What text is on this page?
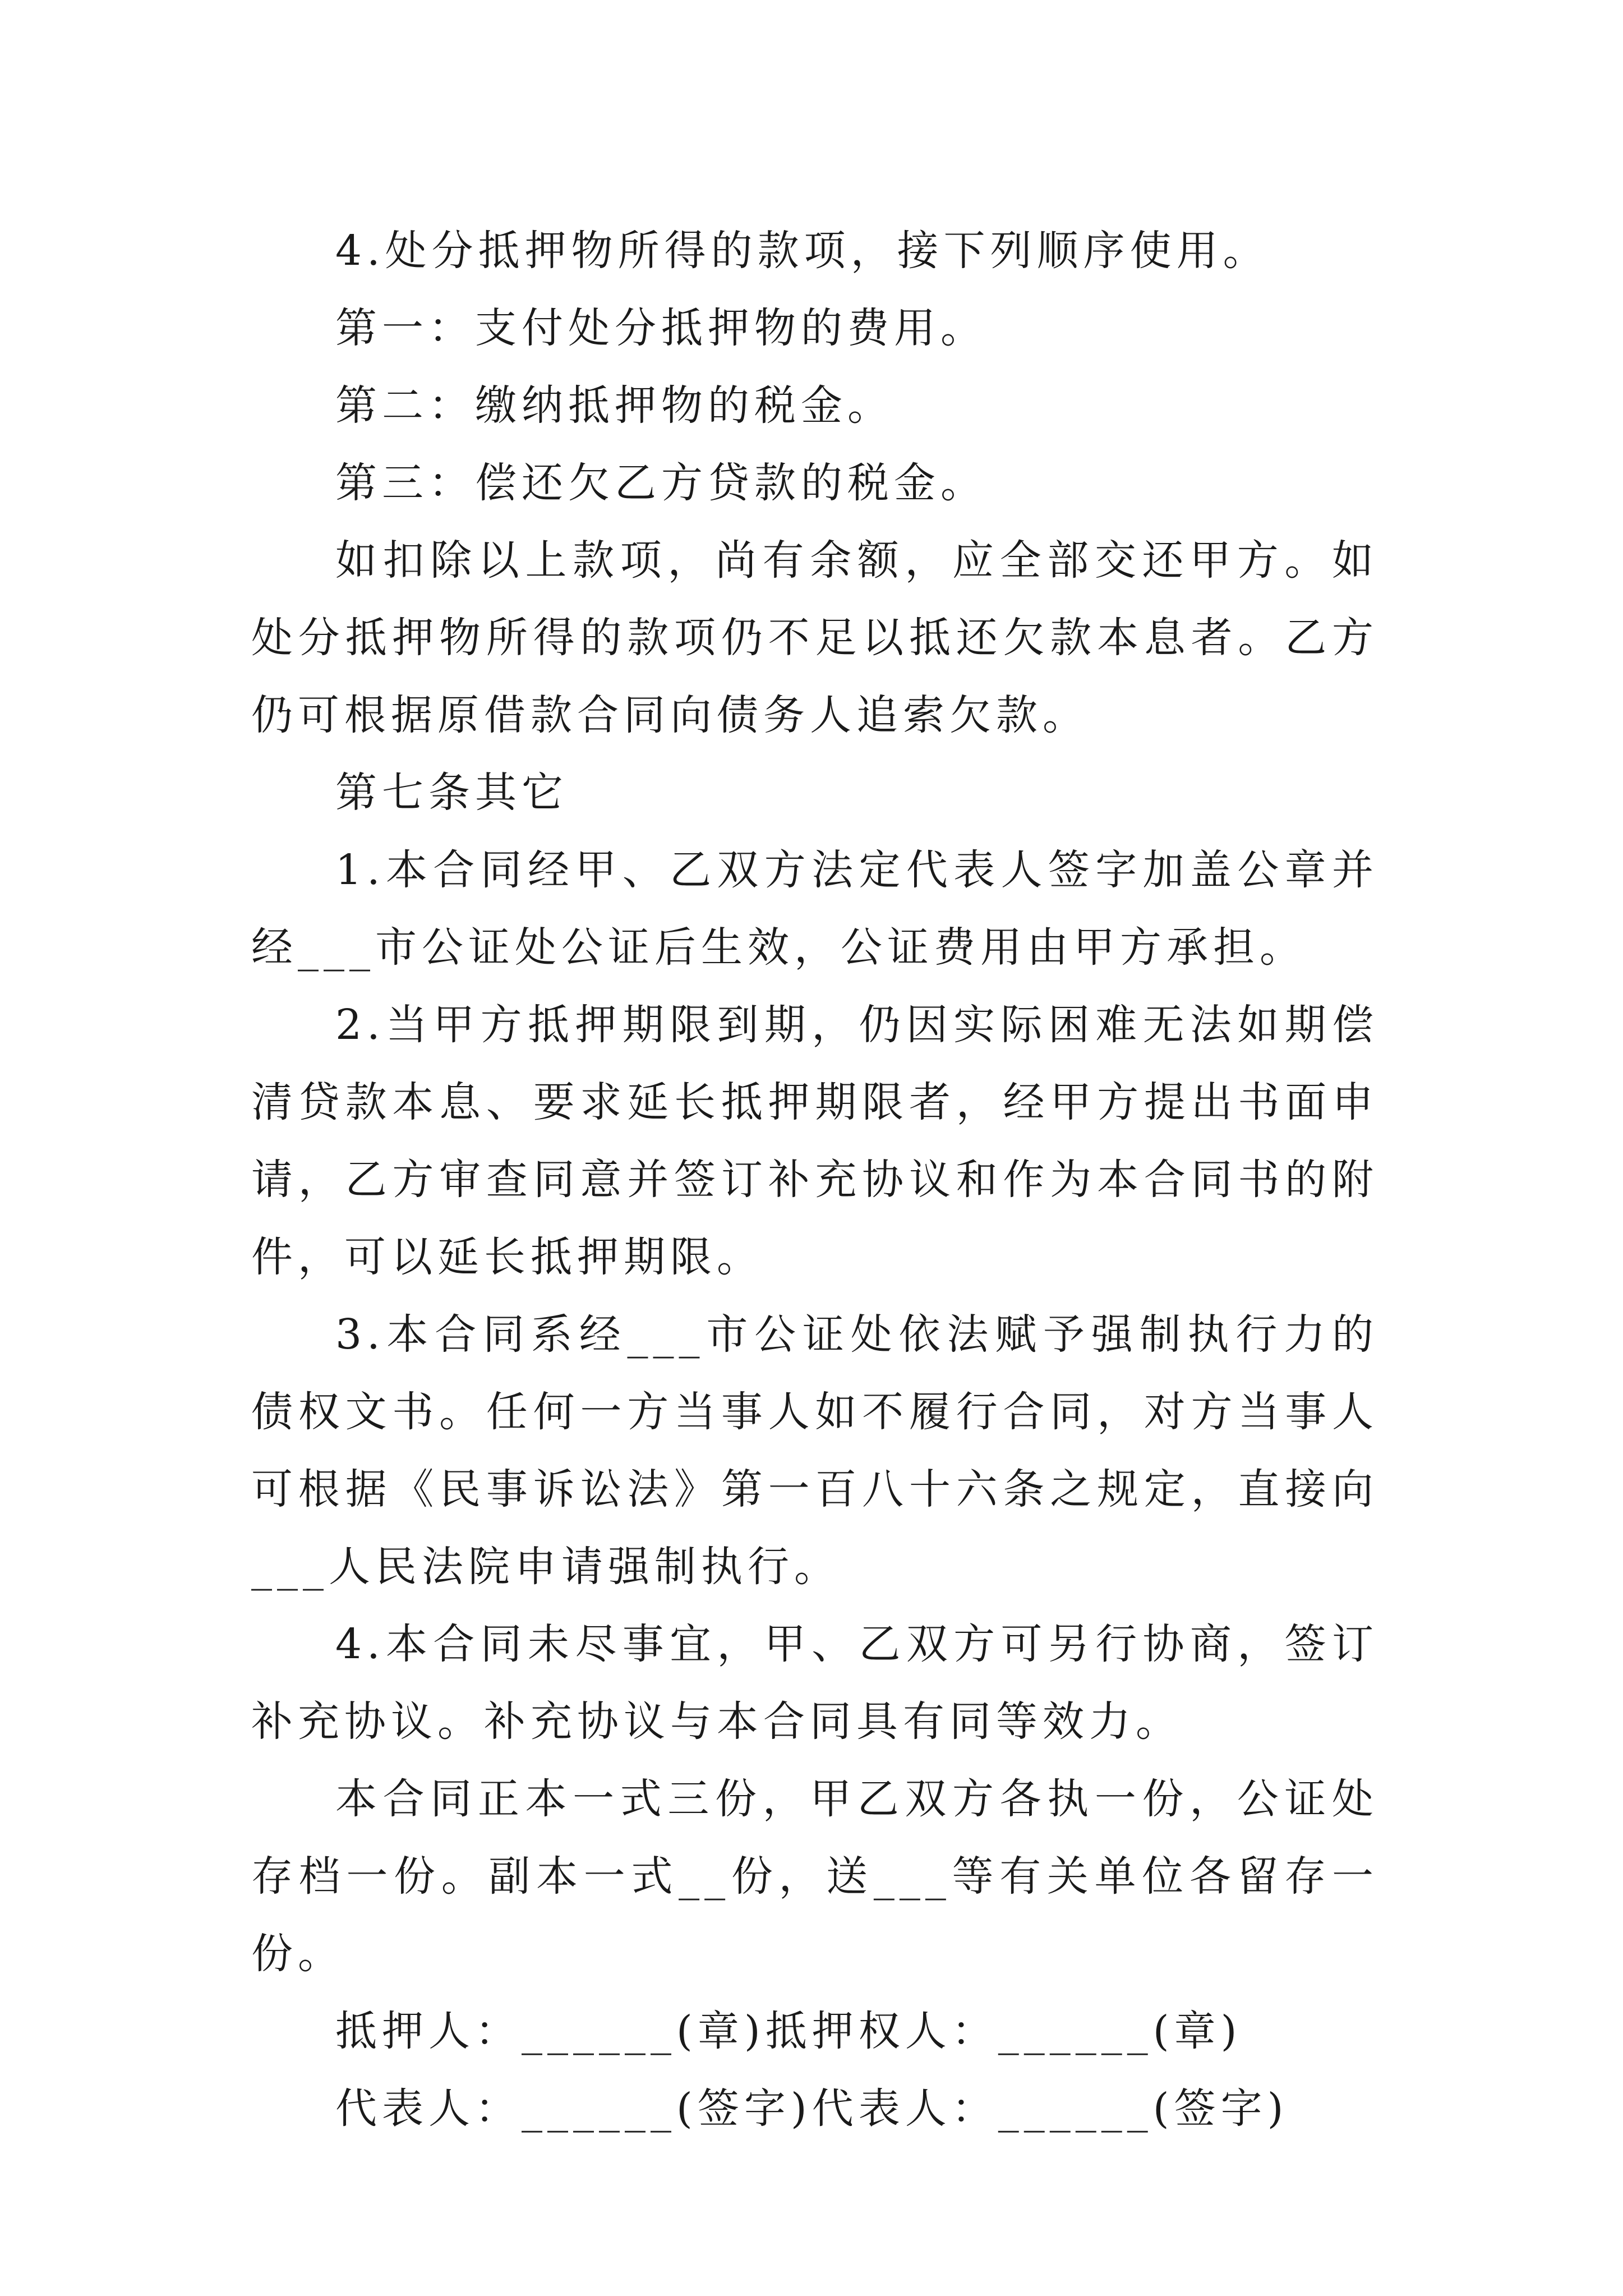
4.处分抵押物所得的款项，接下列顺序使用。

第一：支付处分抵押物的费用。

第二：缴纳抵押物的税金。

第三：偿还欠乙方贷款的税金。

如扣除以上款项，尚有余额，应全部交还甲方。如处分抵押物所得的款项仍不足以抵还欠款本息者。乙方仍可根据原借款合同向债务人追索欠款。

第七条其它

1.本合同经甲、乙双方法定代表人签字加盖公章并经___市公证处公证后生效，公证费用由甲方承担。

2.当甲方抵押期限到期，仍因实际困难无法如期偿清贷款本息、要求延长抵押期限者，经甲方提出书面申请，乙方审查同意并签订补充协议和作为本合同书的附件，可以延长抵押期限。

3.本合同系经___市公证处依法赋予强制执行力的债权文书。任何一方当事人如不履行合同，对方当事人可根据《民事诉讼法》第一百八十六条之规定，直接向___人民法院申请强制执行。

4.本合同未尽事宜，甲、乙双方可另行协商，签订补充协议。补充协议与本合同具有同等效力。

本合同正本一式三份，甲乙双方各执一份，公证处存档一份。副本一式__份，送___等有关单位各留存一份。

抵押人：______(章)抵押权人：______(章)

代表人：______(签字)代表人：______(签字)
